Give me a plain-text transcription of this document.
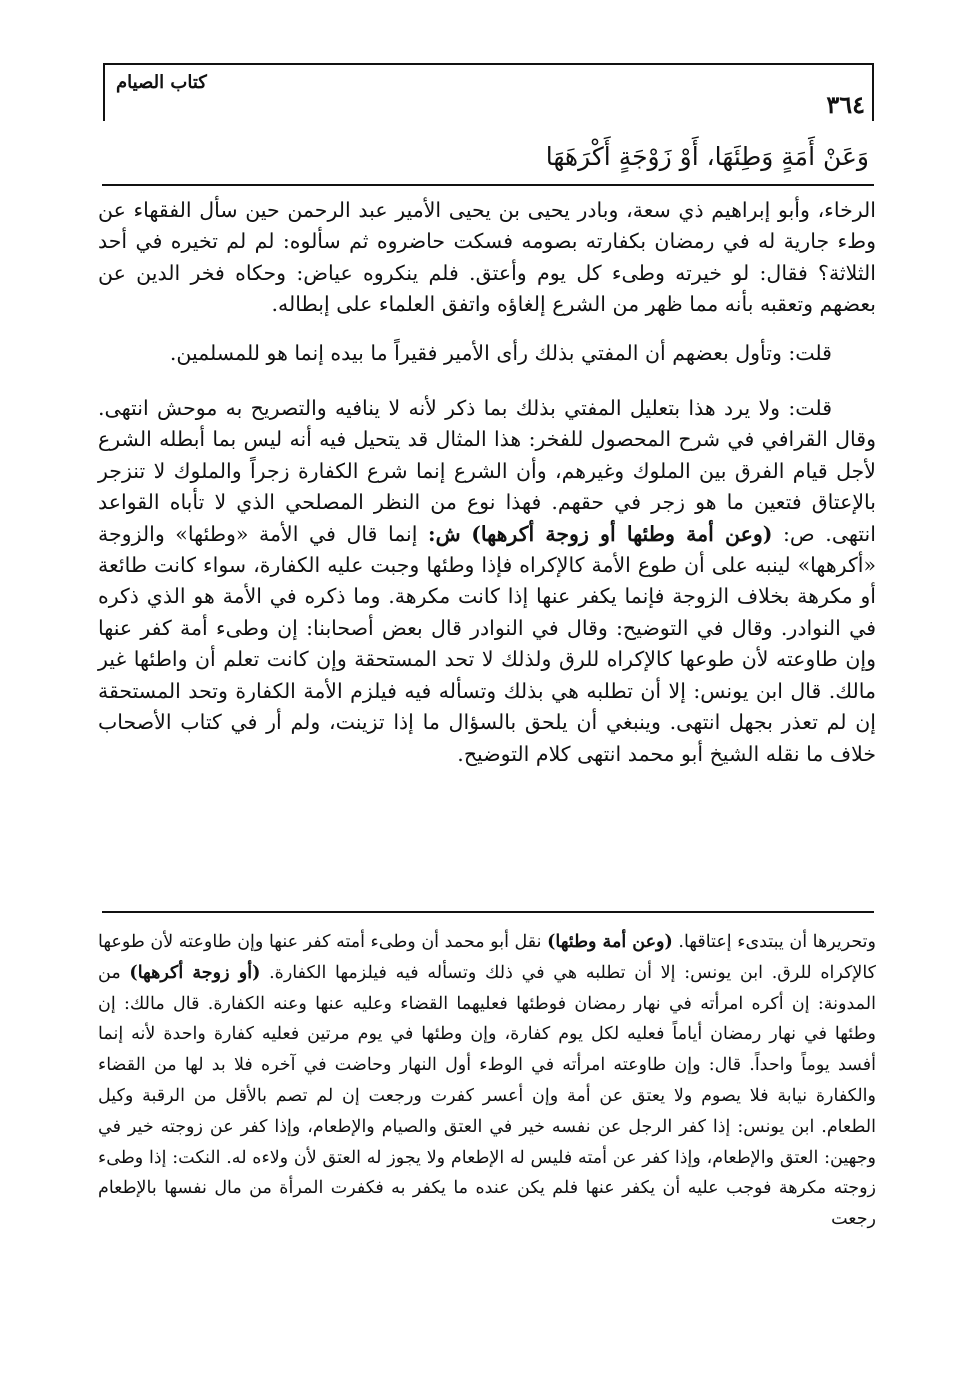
كتاب الصيام
٣٦٤
وَعَنْ أَمَةٍ وَطِئَهَا، أَوْ زَوْجَةٍ أَكْرَهَهَا

الرخاء، وأبو إبراهيم ذي سعة، وبادر يحيى بن يحيى الأمير عبد الرحمن حين سأل الفقهاء عن وطء جارية له في رمضان بكفارته بصومه فسكت حاضروه ثم سألوه: لم لم تخيره في أحد الثلاثة؟ فقال: لو خيرته وطىء كل يوم وأعتق. فلم ينكروه عياض: وحكاه فخر الدين عن بعضهم وتعقبه بأنه مما ظهر من الشرع إلغاؤه واتفق العلماء على إبطاله.

قلت: وتأول بعضهم أن المفتي بذلك رأى الأمير فقيراً ما بيده إنما هو للمسلمين.

قلت: ولا يرد هذا بتعليل المفتي بذلك بما ذكر لأنه لا ينافيه والتصريح به موحش انتهى. وقال القرافي في شرح المحصول للفخر: هذا المثال قد يتحيل فيه أنه ليس بما أبطله الشرع لأجل قيام الفرق بين الملوك وغيرهم، وأن الشرع إنما شرع الكفارة زجراً والملوك لا تنزجر بالإعتاق فتعين ما هو زجر في حقهم. فهذا نوع من النظر المصلحي الذي لا تأباه القواعد انتهى. ص: (وعن أمة وطئها أو زوجة أكرهها) ش: إنما قال في الأمة «وطئها» والزوجة «أكرهها» لينبه على أن طوع الأمة كالإكراه فإذا وطئها وجبت عليه الكفارة، سواء كانت طائعة أو مكرهة بخلاف الزوجة فإنما يكفر عنها إذا كانت مكرهة. وما ذكره في الأمة هو الذي ذكره في النوادر. وقال في التوضيح: وقال في النوادر قال بعض أصحابنا: إن وطىء أمة كفر عنها وإن طاوعته لأن طوعها كالإكراه للرق ولذلك لا تحد المستحقة وإن كانت تعلم أن واطئها غير مالك. قال ابن يونس: إلا أن تطلبه هي بذلك وتسأله فيه فيلزم الأمة الكفارة وتحد المستحقة إن لم تعذر بجهل انتهى. وينبغي أن يلحق بالسؤال ما إذا تزينت، ولم أر في كتاب الأصحاب خلاف ما نقله الشيخ أبو محمد انتهى كلام التوضيح.

وتحريرها أن يبتدىء إعتاقها. (وعن أمة وطئها) نقل أبو محمد أن وطىء أمته كفر عنها وإن طاوعته لأن طوعها كالإكراه للرق. ابن يونس: إلا أن تطلبه هي في ذلك وتسأله فيه فيلزمها الكفارة. (أو زوجة أكرهها) من المدونة: إن أكره امرأته في نهار رمضان فوطئها فعليهما القضاء وعليه عنها وعنه الكفارة. قال مالك: إن وطئها في نهار رمضان أياماً فعليه لكل يوم كفارة، وإن وطئها في يوم مرتين فعليه كفارة واحدة لأنه إنما أفسد يوماً واحداً. قال: وإن طاوعته امرأته في الوطء أول النهار وحاضت في آخره فلا بد لها من القضاء والكفارة نيابة فلا يصوم ولا يعتق عن أمة وإن أعسر كفرت ورجعت إن لم تصم بالأقل من الرقبة وكيل الطعام. ابن يونس: إذا كفر الرجل عن نفسه خير في العتق والصيام والإطعام، وإذا كفر عن زوجته خير في وجهين: العتق والإطعام، وإذا كفر عن أمته فليس له الإطعام ولا يجوز له العتق لأن ولاءه له. النكت: إذا وطىء زوجته مكرهة فوجب عليه أن يكفر عنها فلم يكن عنده ما يكفر به فكفرت المرأة من مال نفسها بالإطعام رجعت
